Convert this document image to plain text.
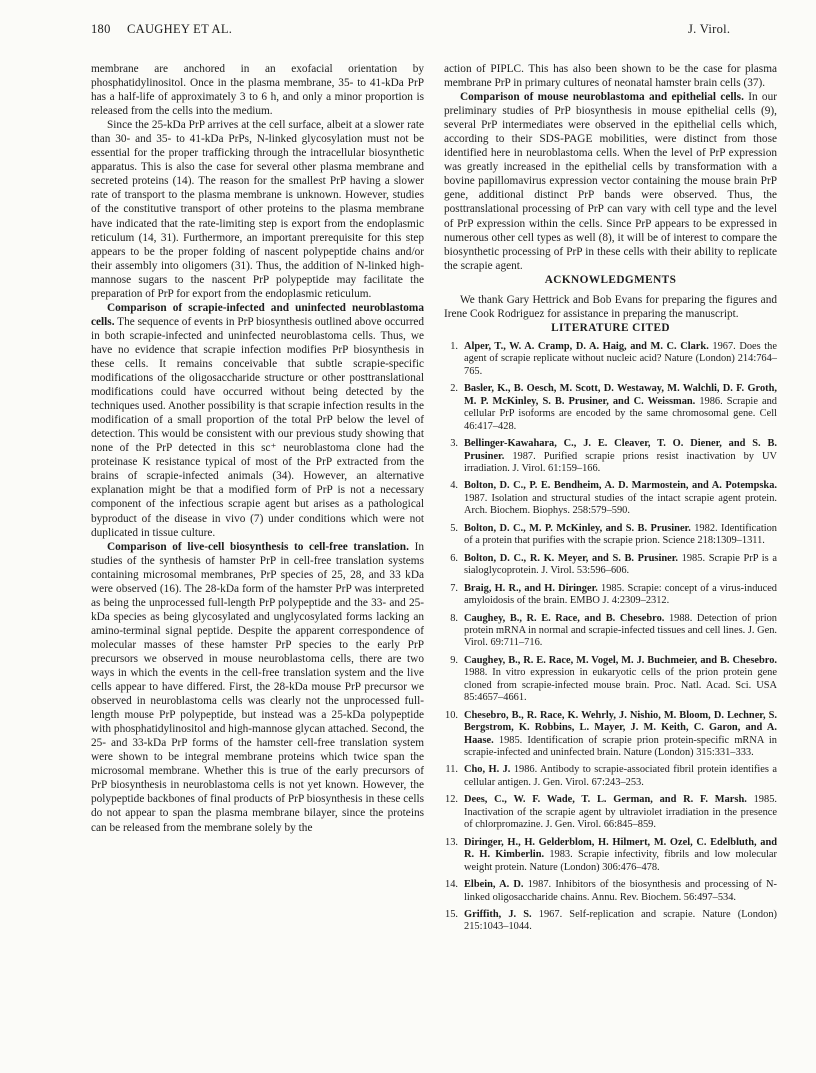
180 CAUGHEY ET AL.	J. Virol.

membrane are anchored in an exofacial orientation by phosphatidylinositol. Once in the plasma membrane, 35- to 41-kDa PrP has a half-life of approximately 3 to 6 h, and only a minor proportion is released from the cells into the medium.

Since the 25-kDa PrP arrives at the cell surface, albeit at a slower rate than 30- and 35- to 41-kDa PrPs, N-linked glycosylation must not be essential for the proper trafficking through the intracellular biosynthetic apparatus. This is also the case for several other plasma membrane and secreted proteins (14). The reason for the smallest PrP having a slower rate of transport to the plasma membrane is unknown. However, studies of the constitutive transport of other proteins to the plasma membrane have indicated that the rate-limiting step is export from the endoplasmic reticulum (14, 31). Furthermore, an important prerequisite for this step appears to be the proper folding of nascent polypeptide chains and/or their assembly into oligomers (31). Thus, the addition of N-linked high-mannose sugars to the nascent PrP polypeptide may facilitate the preparation of PrP for export from the endoplasmic reticulum.

Comparison of scrapie-infected and uninfected neuroblastoma cells. The sequence of events in PrP biosynthesis outlined above occurred in both scrapie-infected and uninfected neuroblastoma cells. Thus, we have no evidence that scrapie infection modifies PrP biosynthesis in these cells. It remains conceivable that subtle scrapie-specific modifications of the oligosaccharide structure or other posttranslational modifications could have occurred without being detected by the techniques used. Another possibility is that scrapie infection results in the modification of a small proportion of the total PrP below the level of detection. This would be consistent with our previous study showing that none of the PrP detected in this sc⁺ neuroblastoma clone had the proteinase K resistance typical of most of the PrP extracted from the brains of scrapie-infected animals (34). However, an alternative explanation might be that a modified form of PrP is not a necessary component of the infectious scrapie agent but arises as a pathological byproduct of the disease in vivo (7) under conditions which were not duplicated in tissue culture.

Comparison of live-cell biosynthesis to cell-free translation. In studies of the synthesis of hamster PrP in cell-free translation systems containing microsomal membranes, PrP species of 25, 28, and 33 kDa were observed (16). The 28-kDa form of the hamster PrP was interpreted as being the unprocessed full-length PrP polypeptide and the 33- and 25-kDa species as being glycosylated and unglycosylated forms lacking an amino-terminal signal peptide. Despite the apparent correspondence of molecular masses of these hamster PrP species to the early PrP precursors we observed in mouse neuroblastoma cells, there are two ways in which the events in the cell-free translation system and the live cells appear to have differed. First, the 28-kDa mouse PrP precursor we observed in neuroblastoma cells was clearly not the unprocessed full-length mouse PrP polypeptide, but instead was a 25-kDa polypeptide with phosphatidylinositol and high-mannose glycan attached. Second, the 25- and 33-kDa PrP forms of the hamster cell-free translation system were shown to be integral membrane proteins which twice span the microsomal membrane. Whether this is true of the early precursors of PrP biosynthesis in neuroblastoma cells is not yet known. However, the polypeptide backbones of final products of PrP biosynthesis in these cells do not appear to span the plasma membrane bilayer, since the proteins can be released from the membrane solely by the

action of PIPLC. This has also been shown to be the case for plasma membrane PrP in primary cultures of neonatal hamster brain cells (37).

Comparison of mouse neuroblastoma and epithelial cells. In our preliminary studies of PrP biosynthesis in mouse epithelial cells (9), several PrP intermediates were observed in the epithelial cells which, according to their SDS-PAGE mobilities, were distinct from those identified here in neuroblastoma cells. When the level of PrP expression was greatly increased in the epithelial cells by transformation with a bovine papillomavirus expression vector containing the mouse brain PrP gene, additional distinct PrP bands were observed. Thus, the posttranslational processing of PrP can vary with cell type and the level of PrP expression within the cells. Since PrP appears to be expressed in numerous other cell types as well (8), it will be of interest to compare the biosynthetic processing of PrP in these cells with their ability to replicate the scrapie agent.

ACKNOWLEDGMENTS

We thank Gary Hettrick and Bob Evans for preparing the figures and Irene Cook Rodriguez for assistance in preparing the manuscript.

LITERATURE CITED

1. Alper, T., W. A. Cramp, D. A. Haig, and M. C. Clark. 1967. Does the agent of scrapie replicate without nucleic acid? Nature (London) 214:764–765.
2. Basler, K., B. Oesch, M. Scott, D. Westaway, M. Walchli, D. F. Groth, M. P. McKinley, S. B. Prusiner, and C. Weissman. 1986. Scrapie and cellular PrP isoforms are encoded by the same chromosomal gene. Cell 46:417–428.
3. Bellinger-Kawahara, C., J. E. Cleaver, T. O. Diener, and S. B. Prusiner. 1987. Purified scrapie prions resist inactivation by UV irradiation. J. Virol. 61:159–166.
4. Bolton, D. C., P. E. Bendheim, A. D. Marmostein, and A. Potempska. 1987. Isolation and structural studies of the intact scrapie agent protein. Arch. Biochem. Biophys. 258:579–590.
5. Bolton, D. C., M. P. McKinley, and S. B. Prusiner. 1982. Identification of a protein that purifies with the scrapie prion. Science 218:1309–1311.
6. Bolton, D. C., R. K. Meyer, and S. B. Prusiner. 1985. Scrapie PrP is a sialoglycoprotein. J. Virol. 53:596–606.
7. Braig, H. R., and H. Diringer. 1985. Scrapie: concept of a virus-induced amyloidosis of the brain. EMBO J. 4:2309–2312.
8. Caughey, B., R. E. Race, and B. Chesebro. 1988. Detection of prion protein mRNA in normal and scrapie-infected tissues and cell lines. J. Gen. Virol. 69:711–716.
9. Caughey, B., R. E. Race, M. Vogel, M. J. Buchmeier, and B. Chesebro. 1988. In vitro expression in eukaryotic cells of the prion protein gene cloned from scrapie-infected mouse brain. Proc. Natl. Acad. Sci. USA 85:4657–4661.
10. Chesebro, B., R. Race, K. Wehrly, J. Nishio, M. Bloom, D. Lechner, S. Bergstrom, K. Robbins, L. Mayer, J. M. Keith, C. Garon, and A. Haase. 1985. Identification of scrapie prion protein-specific mRNA in scrapie-infected and uninfected brain. Nature (London) 315:331–333.
11. Cho, H. J. 1986. Antibody to scrapie-associated fibril protein identifies a cellular antigen. J. Gen. Virol. 67:243–253.
12. Dees, C., W. F. Wade, T. L. German, and R. F. Marsh. 1985. Inactivation of the scrapie agent by ultraviolet irradiation in the presence of chlorpromazine. J. Gen. Virol. 66:845–859.
13. Diringer, H., H. Gelderblom, H. Hilmert, M. Ozel, C. Edelbluth, and R. H. Kimberlin. 1983. Scrapie infectivity, fibrils and low molecular weight protein. Nature (London) 306:476–478.
14. Elbein, A. D. 1987. Inhibitors of the biosynthesis and processing of N-linked oligosaccharide chains. Annu. Rev. Biochem. 56:497–534.
15. Griffith, J. S. 1967. Self-replication and scrapie. Nature (London) 215:1043–1044.
